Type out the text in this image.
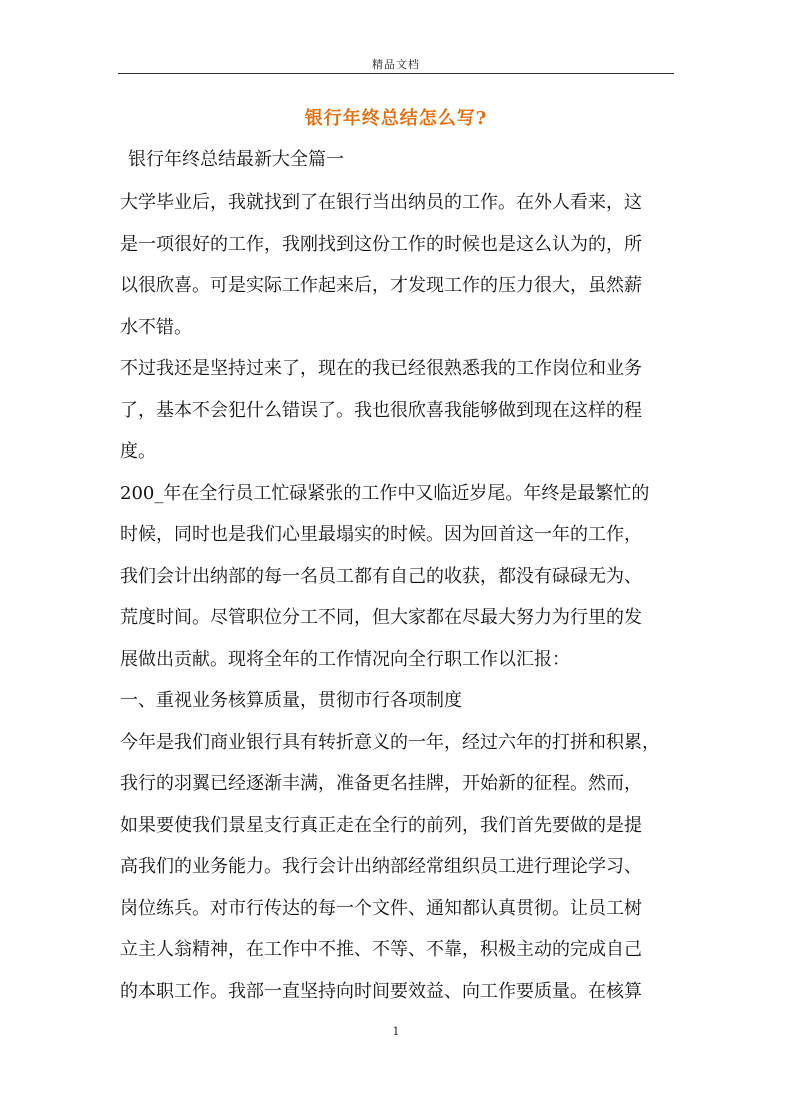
精品文档
银行年终总结怎么写?
银行年终总结最新大全篇一
大学毕业后，我就找到了在银行当出纳员的工作。在外人看来，这
是一项很好的工作，我刚找到这份工作的时候也是这么认为的，所
以很欣喜。可是实际工作起来后，才发现工作的压力很大，虽然薪
水不错。
不过我还是坚持过来了，现在的我已经很熟悉我的工作岗位和业务
了，基本不会犯什么错误了。我也很欣喜我能够做到现在这样的程
度。
200_年在全行员工忙碌紧张的工作中又临近岁尾。年终是最繁忙的
时候，同时也是我们心里最塌实的时候。因为回首这一年的工作，
我们会计出纳部的每一名员工都有自己的收获，都没有碌碌无为、
荒度时间。尽管职位分工不同，但大家都在尽最大努力为行里的发
展做出贡献。现将全年的工作情况向全行职工作以汇报：
一、重视业务核算质量，贯彻市行各项制度
今年是我们商业银行具有转折意义的一年，经过六年的打拼和积累，
我行的羽翼已经逐渐丰满，准备更名挂牌，开始新的征程。然而，
如果要使我们景星支行真正走在全行的前列，我们首先要做的是提
高我们的业务能力。我行会计出纳部经常组织员工进行理论学习、
岗位练兵。对市行传达的每一个文件、通知都认真贯彻。让员工树
立主人翁精神，在工作中不推、不等、不靠，积极主动的完成自己
的本职工作。我部一直坚持向时间要效益、向工作要质量。在核算
1
